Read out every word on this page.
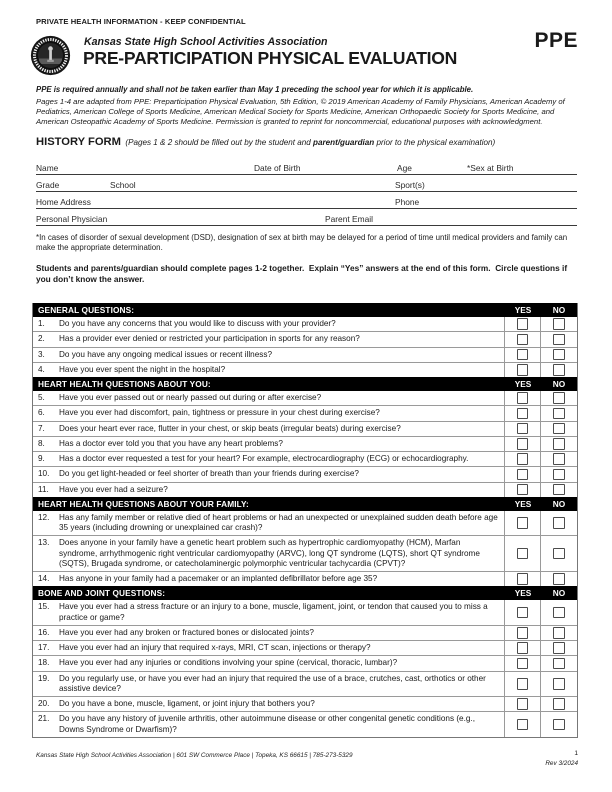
PRIVATE HEALTH INFORMATION - KEEP CONFIDENTIAL
Kansas State High School Activities Association
PRE-PARTICIPATION PHYSICAL EVALUATION
PPE
PPE is required annually and shall not be taken earlier than May 1 preceding the school year for which it is applicable.
Pages 1-4 are adapted from PPE: Preparticipation Physical Evaluation, 5th Edition, © 2019 American Academy of Family Physicians, American Academy of Pediatrics, American College of Sports Medicine, American Medical Society for Sports Medicine, American Orthopaedic Society for Sports Medicine, and American Osteopathic Academy of Sports Medicine. Permission is granted to reprint for noncommercial, educational purposes with acknowledgment.
HISTORY FORM (Pages 1 & 2 should be filled out by the student and parent/guardian prior to the physical examination)
Name	Date of Birth	Age	*Sex at Birth
Grade	School	Sport(s)
Home Address	Phone
Personal Physician	Parent Email
*In cases of disorder of sexual development (DSD), designation of sex at birth may be delayed for a period of time until medical providers and family can make the appropriate determination.
Students and parents/guardian should complete pages 1-2 together.  Explain “Yes” answers at the end of this form.  Circle questions if you don’t know the answer.
GENERAL QUESTIONS:	YES	NO
1.	Do you have any concerns that you would like to discuss with your provider?
2.	Has a provider ever denied or restricted your participation in sports for any reason?
3.	Do you have any ongoing medical issues or recent illness?
4.	Have you ever spent the night in the hospital?
HEART HEALTH QUESTIONS ABOUT YOU:	YES	NO
5.	Have you ever passed out or nearly passed out during or after exercise?
6.	Have you ever had discomfort, pain, tightness or pressure in your chest during exercise?
7.	Does your heart ever race, flutter in your chest, or skip beats (irregular beats) during exercise?
8.	Has a doctor ever told you that you have any heart problems?
9.	Has a doctor ever requested a test for your heart? For example, electrocardiography (ECG) or echocardiography.
10.	Do you get light-headed or feel shorter of breath than your friends during exercise?
11.	Have you ever had a seizure?
HEART HEALTH QUESTIONS ABOUT YOUR FAMILY:	YES	NO
12.	Has any family member or relative died of heart problems or had an unexpected or unexplained sudden death before age 35 years (including drowning or unexplained car crash)?
13.	Does anyone in your family have a genetic heart problem such as hypertrophic cardiomyopathy (HCM), Marfan syndrome, arrhythmogenic right ventricular cardiomyopathy (ARVC), long QT syndrome (LQTS), short QT syndrome (SQTS), Brugada syndrome, or catecholaminergic polymorphic ventricular tachycardia (CPVT)?
14.	Has anyone in your family had a pacemaker or an implanted defibrillator before age 35?
BONE AND JOINT QUESTIONS:	YES	NO
15.	Have you ever had a stress fracture or an injury to a bone, muscle, ligament, joint, or tendon that caused you to miss a practice or game?
16.	Have you ever had any broken or fractured bones or dislocated joints?
17.	Have you ever had an injury that required x-rays, MRI, CT scan, injections or therapy?
18.	Have you ever had any injuries or conditions involving your spine (cervical, thoracic, lumbar)?
19.	Do you regularly use, or have you ever had an injury that required the use of a brace, crutches, cast, orthotics or other assistive device?
20.	Do you have a bone, muscle, ligament, or joint injury that bothers you?
21.	Do you have any history of juvenile arthritis, other autoimmune disease or other congenital genetic conditions (e.g., Downs Syndrome or Dwarfism)?
Kansas State High School Activities Association | 601 SW Commerce Place | Topeka, KS 66615 | 785-273-5329	1
Rev 3/2024
